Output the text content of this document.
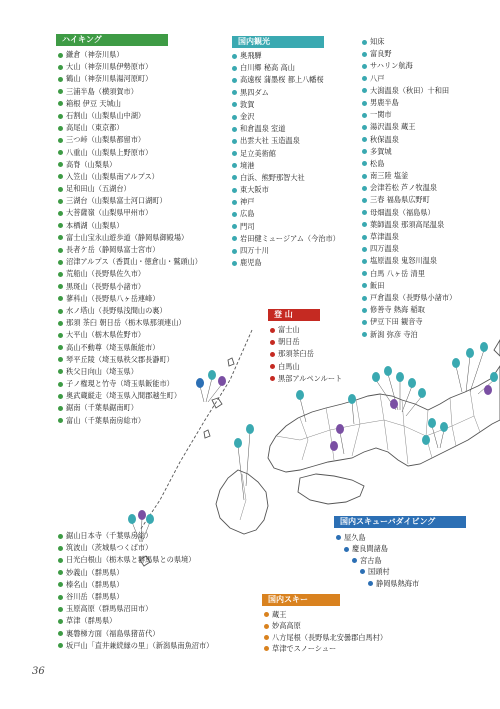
ハイキング
鎌倉（神奈川県）
大山（神奈川県伊勢原市）
鶴山（神奈川県湯河原町）
三浦半島（横須賀市）
箱根 伊豆 天城山
石割山（山梨県山中湖）
高尾山（東京都）
三つ峠（山梨県都留市）
八重山（山梨県上野原市）
高脊（山梨県）
入笠山（山梨県南アルプス）
足和田山（五湖台）
三湖台（山梨県富士河口湖町）
大菩薩嶺（山梨県甲州市）
本栖湖（山梨県）
富士山宝永山遊歩道（静岡県御殿場）
長者ケ岳（静岡県富士宮市）
沼津アルプス（香貫山・徳倉山・鷲頭山）
荒船山（長野県佐久市）
黒斑山（長野県小諸市）
蓼科山（長野県八ヶ岳連峰）
水ノ塔山（長野県浅間山の裏）
那須 茶臼 朝日岳（栃木県那須連山）
大平山（栃木県佐野市）
高山不動尊（埼玉県飯能市）
琴平丘陵（埼玉県秩父郡長瀞町）
秩父日向山（埼玉県）
子ノ権現と竹寺（埼玉県飯能市）
奥武蔵縦走（埼玉県入間郡越生町）
鋸南（千葉県鋸南町）
富山（千葉県南房総市）
国内観光
奥飛騨
白川郷 秘高 高山
高遠桜 蒲墨桜 都上八幡桜
黒四ダム
敦賀
金沢
和倉温泉 室道
出雲大社 玉造温泉
足立美術館
境港
白浜、熊野那智大社
東大阪市
神戸
広島
門司
岩田健ミュージアム（今治市）
四万十川
鹿児島
知床
富良野
サハリン航海
八戸
大潟温泉（秋田）十和田
男鹿半島
一関市
湯沢温泉 蔵王
秋保温泉
多賀城
松島
南三陸 塩釜
会津若松 芦ノ牧温泉
三春 福島県広野町
母畑温泉（福島県）
葉師温泉 那須高尾温泉
草津温泉
四万温泉
塩原温泉 鬼怒川温泉
白馬 八ヶ岳 清里
飯田
戸倉温泉（長野県小諸市）
修善寺 熱海 稲取
伊豆下田 観音寺
新潟 弥彦 寺泊
登 山
富士山
朝日岳
那須茶臼岳
白馬山
黒部アルペンルート
国内スキューバダイビング
屋久島
慶良間諸島
宮古島
国頭村
静岡県熱海市
国内スキー
蔵王
妙高高原
八方尾根（長野県北安曇郡白馬村）
草津でスノーシュー
鋸山日本寺（千葉県房総）
筑波山（茨城県つくば市）
日光白根山（栃木県と群馬県との県境）
妙義山（群馬県）
榛名山（群馬県）
谷川岳（群馬県）
玉原高原（群馬県沼田市）
草津（群馬県）
裏磐梯方面（福島県猪苗代）
坂戸山「直井兼続縁の里」（新潟県南魚沼市）
36
